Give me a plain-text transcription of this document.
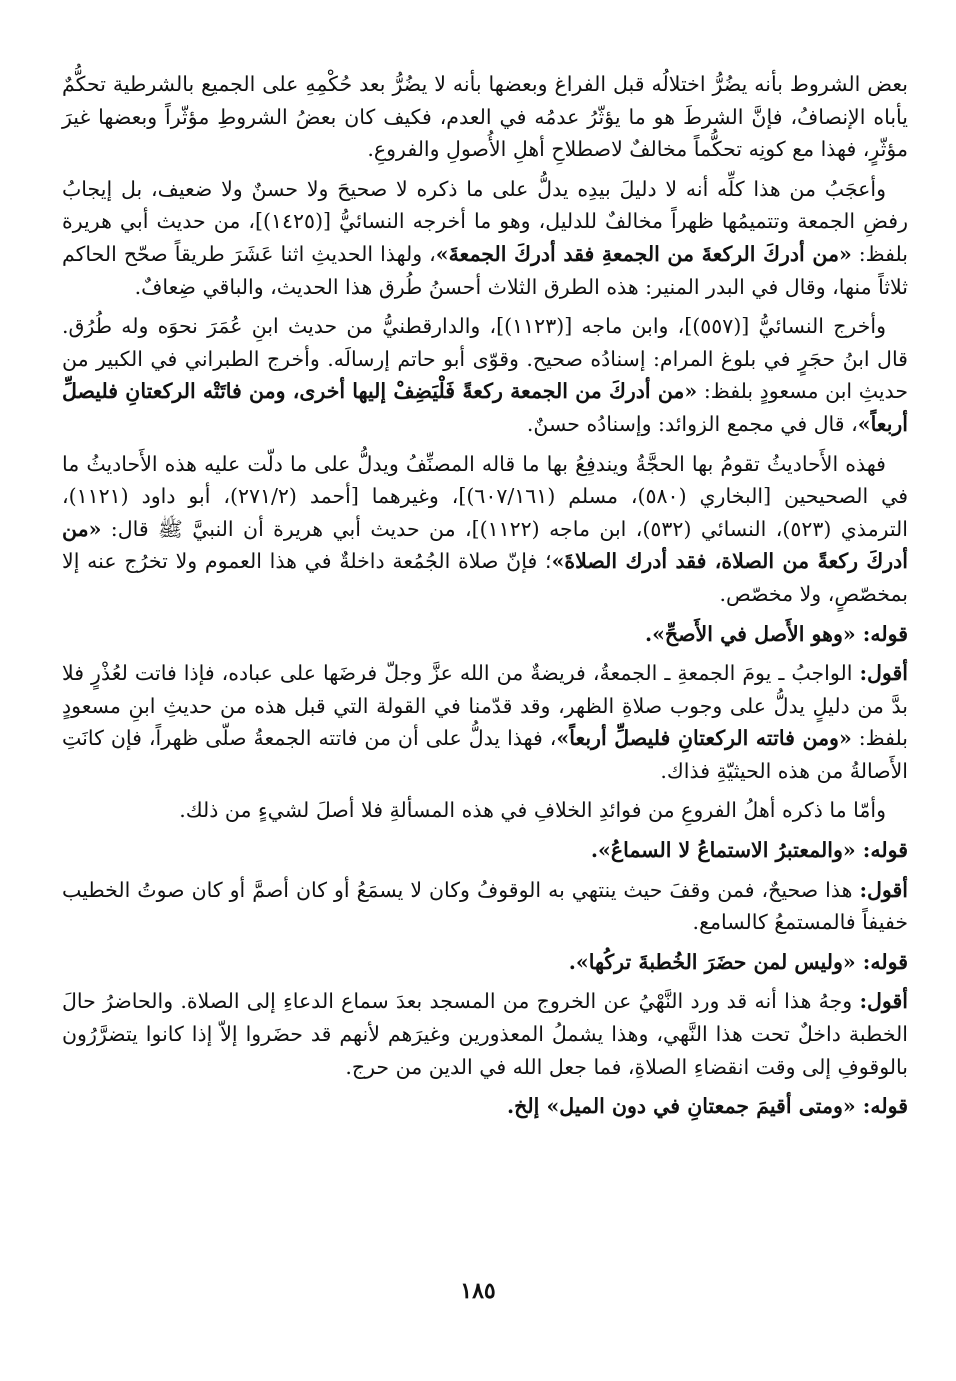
بعض الشروط بأنه يضُرُّ اختلالُه قبل الفراغ وبعضها بأنه لا يضُرُّ بعد حُكْمِهِ على الجميع بالشرطية تحكُّمٌ يأباه الإنصافُ، فإنَّ الشرطَ هو ما يؤثّرُ عدمُه في العدم، فكيف كان بعضُ الشروطِ مؤثّراً وبعضها غيرَ مؤثّرٍ، فهذا مع كونِه تحكُّماً مخالفٌ لاصطلاحِ أهلِ الأُصولِ والفروعِ.

وأعجَبُ من هذا كلِّه أنه لا دليلَ بيدِه يدلُّ على ما ذكره لا صحيحَ ولا حسنٌ ولا ضعيف، بل إيجابُ رفضِ الجمعة وتتميمُها ظهراً مخالفٌ للدليل، وهو ما أخرجه النسائيُّ [(١٤٢٥)]، من حديث أبي هريرة بلفظ: «من أدركَ الركعةَ من الجمعةِ فقد أدركَ الجمعةَ»، ولهذا الحديثِ اثنا عَشَرَ طريقاً صحّح الحاكم ثلاثاً منها، وقال في البدر المنير: هذه الطرق الثلاث أحسنُ طُرق هذا الحديث، والباقي ضِعافٌ.

وأخرج النسائيُّ [(٥٥٧)]، وابن ماجه [(١١٢٣)]، والدارقطنيُّ من حديث ابنِ عُمَرَ نحوَه وله طُرُق. قال ابنُ حجَرٍ في بلوغ المرام: إسنادُه صحيح. وقوّى أبو حاتم إرسالَه. وأخرج الطبراني في الكبير من حديثِ ابن مسعودٍ بلفظ: «من أدركَ من الجمعة ركعةً فَلْيَضِفْ إليها أخرى، ومن فاتَتْه الركعتانِ فليصلِّ أربعاً»، قال في مجمع الزوائد: وإسنادُه حسنٌ.

فهذه الأَحاديثُ تقومُ بها الحجَّةُ ويندفِعُ بها ما قاله المصنِّفُ ويدلُّ على ما دلّت عليه هذه الأَحاديثُ ما في الصحيحين [البخاري (٥٨٠)، مسلم (٦٠٧/١٦١)]، وغيرهما [أحمد (٢٧١/٢)، أبو داود (١١٢١)، الترمذي (٥٢٣)، النسائي (٥٣٢)، ابن ماجه (١١٢٢)]، من حديث أبي هريرة أن النبيَّ ﷺ قال: «من أدركَ ركعةً من الصلاة، فقد أدرك الصلاةَ»؛ فإنّ صلاة الجُمُعة داخلةٌ في هذا العموم ولا تخرُج عنه إلا بمخصّصٍ، ولا مخصّص.

قوله: «وهو الأَصل في الأَصحِّ».

أقول: الواجبُ ـ يومَ الجمعةِ ـ الجمعةُ، فريضةٌ من الله عزَّ وجلّ فرضَها على عباده، فإذا فاتت لعُذْرٍ فلا بدَّ من دليلٍ يدلُّ على وجوب صلاةِ الظهر، وقد قدّمنا في القولة التي قبل هذه من حديثِ ابنِ مسعودٍ بلفظ: «ومن فاتته الركعتانِ فليصلِّ أربعاً»، فهذا يدلُّ على أن من فاتته الجمعةُ صلّى ظهراً، فإن كانَتِ الأَصالةُ من هذه الحيثيّةِ فذاك.

وأمّا ما ذكره أهلُ الفروعِ من فوائدِ الخلافِ في هذه المسألةِ فلا أصلَ لشيءٍ من ذلك.

قوله: «والمعتبرُ الاستماعُ لا السماعُ».

أقول: هذا صحيحٌ، فمن وقفَ حيث ينتهي به الوقوفُ وكان لا يسمَعُ أو كان أصمَّ أو كان صوتُ الخطيب خفيفاً فالمستمعُ كالسامع.

قوله: «وليس لمن حضَرَ الخُطبةَ تركُها».

أقول: وجهُ هذا أنه قد ورد النَّهْيُ عن الخروج من المسجد بعدَ سماع الدعاءِ إلى الصلاة. والحاضرُ حالَ الخطبة داخلٌ تحت هذا النَّهي، وهذا يشملُ المعذورين وغيرَهم لأنهم قد حضَروا إلاّ إذا كانوا يتضرَّرُون بالوقوفِ إلى وقت انقضاءِ الصلاةِ، فما جعل الله في الدين من حرج.

قوله: «ومتى أقيمَ جمعتانِ في دون الميل» إلخ.

١٨٥
